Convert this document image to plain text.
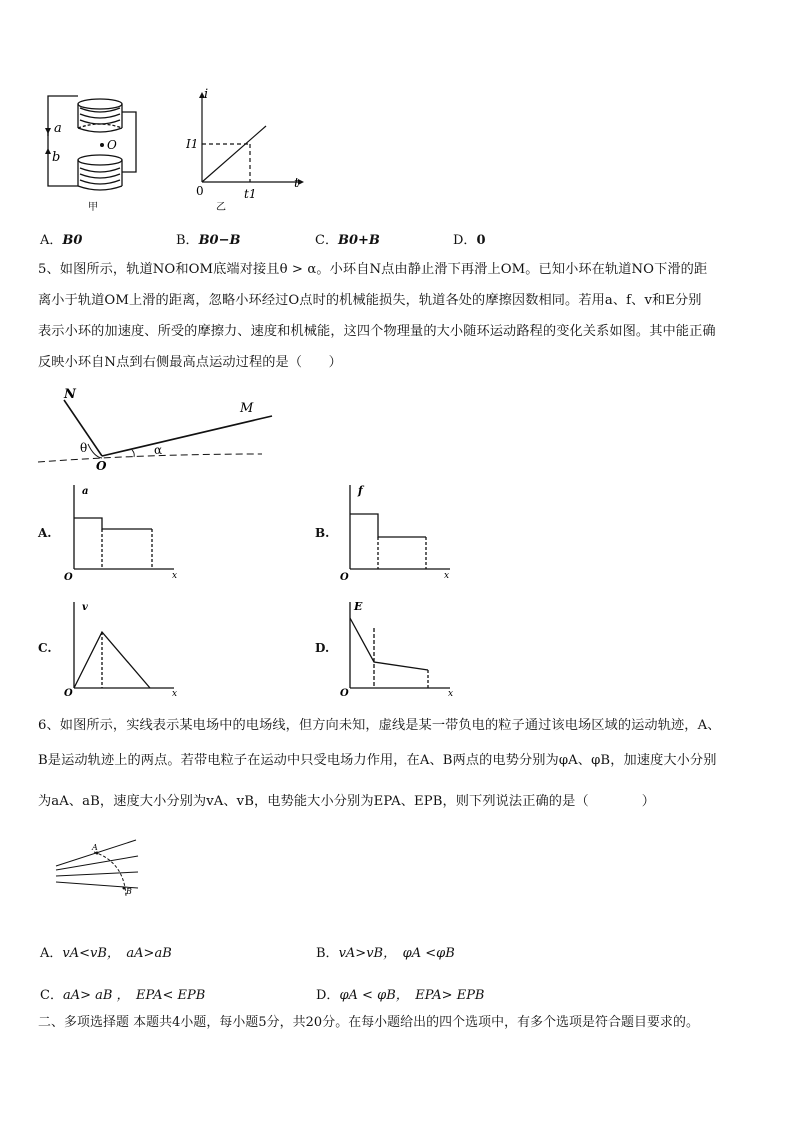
a
b
O
甲
i
t
0
I1
t1
乙
A．B0	B．B0−B	C．B0+B	D．0
5、如图所示，轨道NO和OM底端对接且θ > α。小环自N点由静止滑下再滑上OM。已知小环在轨道NO下滑的距
离小于轨道OM上滑的距离，忽略小环经过O点时的机械能损失，轨道各处的摩擦因数相同。若用a、f、v和E分别
表示小环的加速度、所受的摩擦力、速度和机械能，这四个物理量的大小随环运动路程的变化关系如图。其中能正确
反映小环自N点到右侧最高点运动过程的是（　　）
N
M
O
θ	α
A.
a
x
O
B.
f
x
O
C.
v
x
O
D.
E
x
O
6、如图所示，实线表示某电场中的电场线，但方向未知，虚线是某一带负电的粒子通过该电场区域的运动轨迹，A、
B是运动轨迹上的两点。若带电粒子在运动中只受电场力作用，在A、B两点的电势分别为φA、φB，加速度大小分别
为aA、aB，速度大小分别为vA、vB，电势能大小分别为EPA、EPB，则下列说法正确的是（　　　　）
A
B
A．vA<vB，　aA>aB	B．vA>vB，　φA <φB
C．aA> aB ，　EPA< EPB	D．φA < φB，　EPA> EPB
二、多项选择题 本题共4小题，每小题5分，共20分。在每小题给出的四个选项中，有多个选项是符合题目要求的。
